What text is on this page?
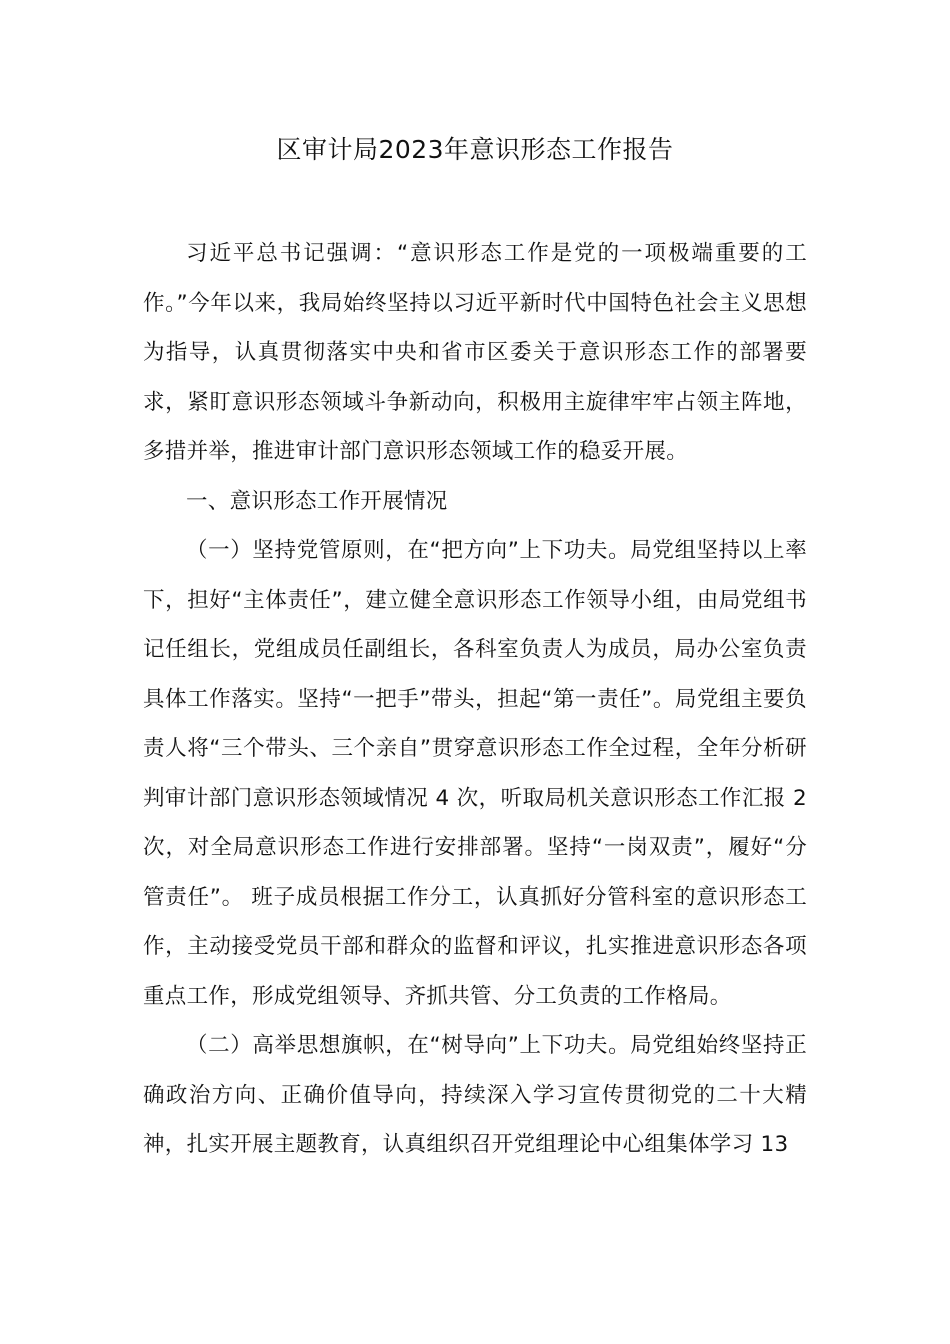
区审计局2023年意识形态工作报告

习近平总书记强调：“意识形态工作是党的一项极端重要的工作。”今年以来，我局始终坚持以习近平新时代中国特色社会主义思想为指导，认真贯彻落实中央和省市区委关于意识形态工作的部署要求，紧盯意识形态领域斗争新动向，积极用主旋律牢牢占领主阵地，多措并举，推进审计部门意识形态领域工作的稳妥开展。

一、意识形态工作开展情况

（一）坚持党管原则，在“把方向”上下功夫。局党组坚持以上率下，担好“主体责任”，建立健全意识形态工作领导小组，由局党组书记任组长，党组成员任副组长，各科室负责人为成员，局办公室负责具体工作落实。坚持“一把手”带头，担起“第一责任”。局党组主要负责人将“三个带头、三个亲自”贯穿意识形态工作全过程，全年分析研判审计部门意识形态领域情况 4 次，听取局机关意识形态工作汇报 2 次，对全局意识形态工作进行安排部署。坚持“一岗双责”，履好“分管责任”。 班子成员根据工作分工，认真抓好分管科室的意识形态工作，主动接受党员干部和群众的监督和评议，扎实推进意识形态各项重点工作，形成党组领导、齐抓共管、分工负责的工作格局。

（二）高举思想旗帜，在“树导向”上下功夫。局党组始终坚持正确政治方向、正确价值导向，持续深入学习宣传贯彻党的二十大精神，扎实开展主题教育，认真组织召开党组理论中心组集体学习 13
